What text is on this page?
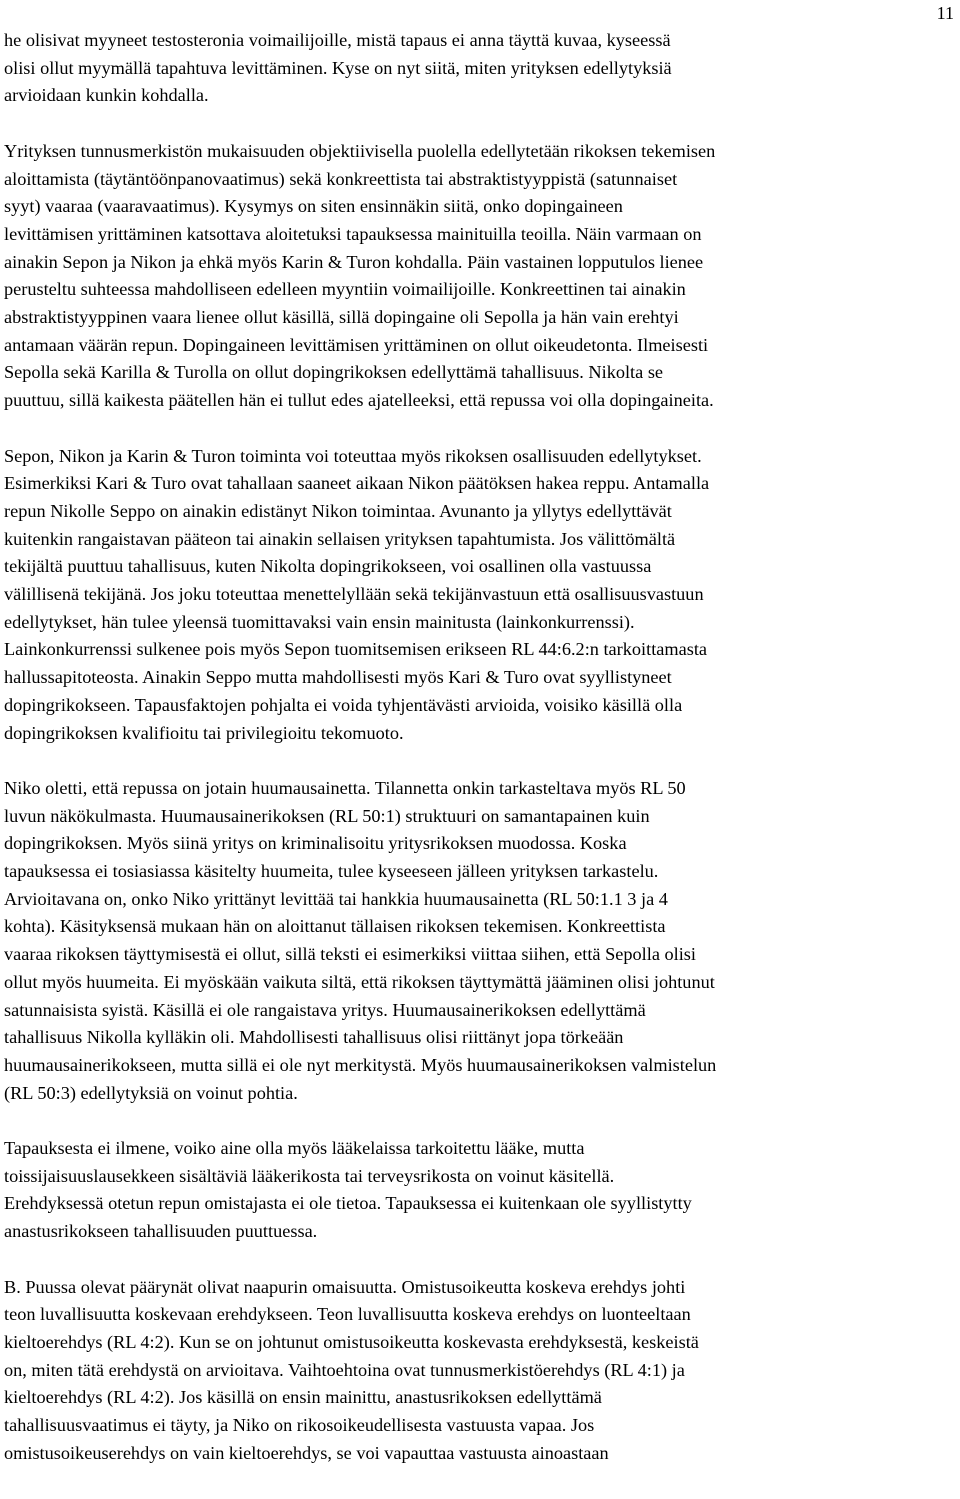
11

he olisivat myyneet testosteronia voimailijoille, mistä tapaus ei anna täyttä kuvaa, kyseessä
olisi ollut myymällä tapahtuva levittäminen. Kyse on nyt siitä, miten yrityksen edellytyksiä
arvioidaan kunkin kohdalla.

Yrityksen tunnusmerkistön mukaisuuden objektiivisella puolella edellytetään rikoksen tekemisen
aloittamista (täytäntöönpanovaatimus) sekä konkreettista tai abstraktistyyppistä (satunnaiset
syyt) vaaraa (vaaravaatimus). Kysymys on siten ensinnäkin siitä, onko dopingaineen
levittämisen yrittäminen katsottava aloitetuksi tapauksessa mainituilla teoilla. Näin varmaan on
ainakin Sepon ja Nikon ja ehkä myös Karin & Turon kohdalla. Päin vastainen lopputulos lienee
perusteltu suhteessa mahdolliseen edelleen myyntiin voimailijoille. Konkreettinen tai ainakin
abstraktistyyppinen vaara lienee ollut käsillä, sillä dopingaine oli Sepolla ja hän vain erehtyi
antamaan väärän repun. Dopingaineen levittämisen yrittäminen on ollut oikeudetonta. Ilmeisesti
Sepolla sekä Karilla & Turolla on ollut dopingrikoksen edellyttämä tahallisuus. Nikolta se
puuttuu, sillä kaikesta päätellen hän ei tullut edes ajatelleeksi, että repussa voi olla dopingaineita.

Sepon, Nikon ja Karin & Turon toiminta voi toteuttaa myös rikoksen osallisuuden edellytykset.
Esimerkiksi Kari & Turo ovat tahallaan saaneet aikaan Nikon päätöksen hakea reppu. Antamalla
repun Nikolle Seppo on ainakin edistänyt Nikon toimintaa. Avunanto ja yllytys edellyttävät
kuitenkin rangaistavan pääteon tai ainakin sellaisen yrityksen tapahtumista. Jos välittömältä
tekijältä puuttuu tahallisuus, kuten Nikolta dopingrikokseen, voi osallinen olla vastuussa
välillisenä tekijänä. Jos joku toteuttaa menettelyllään sekä tekijänvastuun että osallisuusvastuun
edellytykset, hän tulee yleensä tuomittavaksi vain ensin mainitusta (lainkonkurrenssi).
Lainkonkurrenssi sulkenee pois myös Sepon tuomitsemisen erikseen RL 44:6.2:n tarkoittamasta
hallussapitoteosta. Ainakin Seppo mutta mahdollisesti myös Kari & Turo ovat syyllistyneet
dopingrikokseen. Tapausfaktojen pohjalta ei voida tyhjentävästi arvioida, voisiko käsillä olla
dopingrikoksen kvalifioitu tai privilegioitu tekomuoto.

Niko oletti, että repussa on jotain huumausainetta. Tilannetta onkin tarkasteltava myös RL 50
luvun näkökulmasta. Huumausainerikoksen (RL 50:1) struktuuri on samantapainen kuin
dopingrikoksen. Myös siinä yritys on kriminalisoitu yritysrikoksen muodossa. Koska
tapauksessa ei tosiasiassa käsitelty huumeita, tulee kyseeseen jälleen yrityksen tarkastelu.
Arvioitavana on, onko Niko yrittänyt levittää tai hankkia huumausainetta (RL 50:1.1 3 ja 4
kohta). Käsityksensä mukaan hän on aloittanut tällaisen rikoksen tekemisen. Konkreettista
vaaraa rikoksen täyttymisestä ei ollut, sillä teksti ei esimerkiksi viittaa siihen, että Sepolla olisi
ollut myös huumeita. Ei myöskään vaikuta siltä, että rikoksen täyttymättä jääminen olisi johtunut
satunnaisista syistä. Käsillä ei ole rangaistava yritys. Huumausainerikoksen edellyttämä
tahallisuus Nikolla kylläkin oli. Mahdollisesti tahallisuus olisi riittänyt jopa törkeään
huumausainerikokseen, mutta sillä ei ole nyt merkitystä. Myös huumausainerikoksen valmistelun
(RL 50:3) edellytyksiä on voinut pohtia.

Tapauksesta ei ilmene, voiko aine olla myös lääkelaissa tarkoitettu lääke, mutta
toissijaisuuslausekkeen sisältäviä lääkerikosta tai terveysrikosta on voinut käsitellä.
Erehdyksessä otetun repun omistajasta ei ole tietoa. Tapauksessa ei kuitenkaan ole syyllistytty
anastusrikokseen tahallisuuden puuttuessa.

B. Puussa olevat päärynät olivat naapurin omaisuutta. Omistusoikeutta koskeva erehdys johti
teon luvallisuutta koskevaan erehdykseen. Teon luvallisuutta koskeva erehdys on luonteeltaan
kieltoerehdys (RL 4:2). Kun se on johtunut omistusoikeutta koskevasta erehdyksestä, keskeistä
on, miten tätä erehdystä on arvioitava. Vaihtoehtoina ovat tunnusmerkistöerehdys (RL 4:1) ja
kieltoerehdys (RL 4:2). Jos käsillä on ensin mainittu, anastusrikoksen edellyttämä
tahallisuusvaatimus ei täyty, ja Niko on rikosoikeudellisesta vastuusta vapaa. Jos
omistusoikeuserehdys on vain kieltoerehdys, se voi vapauttaa vastuusta ainoastaan
